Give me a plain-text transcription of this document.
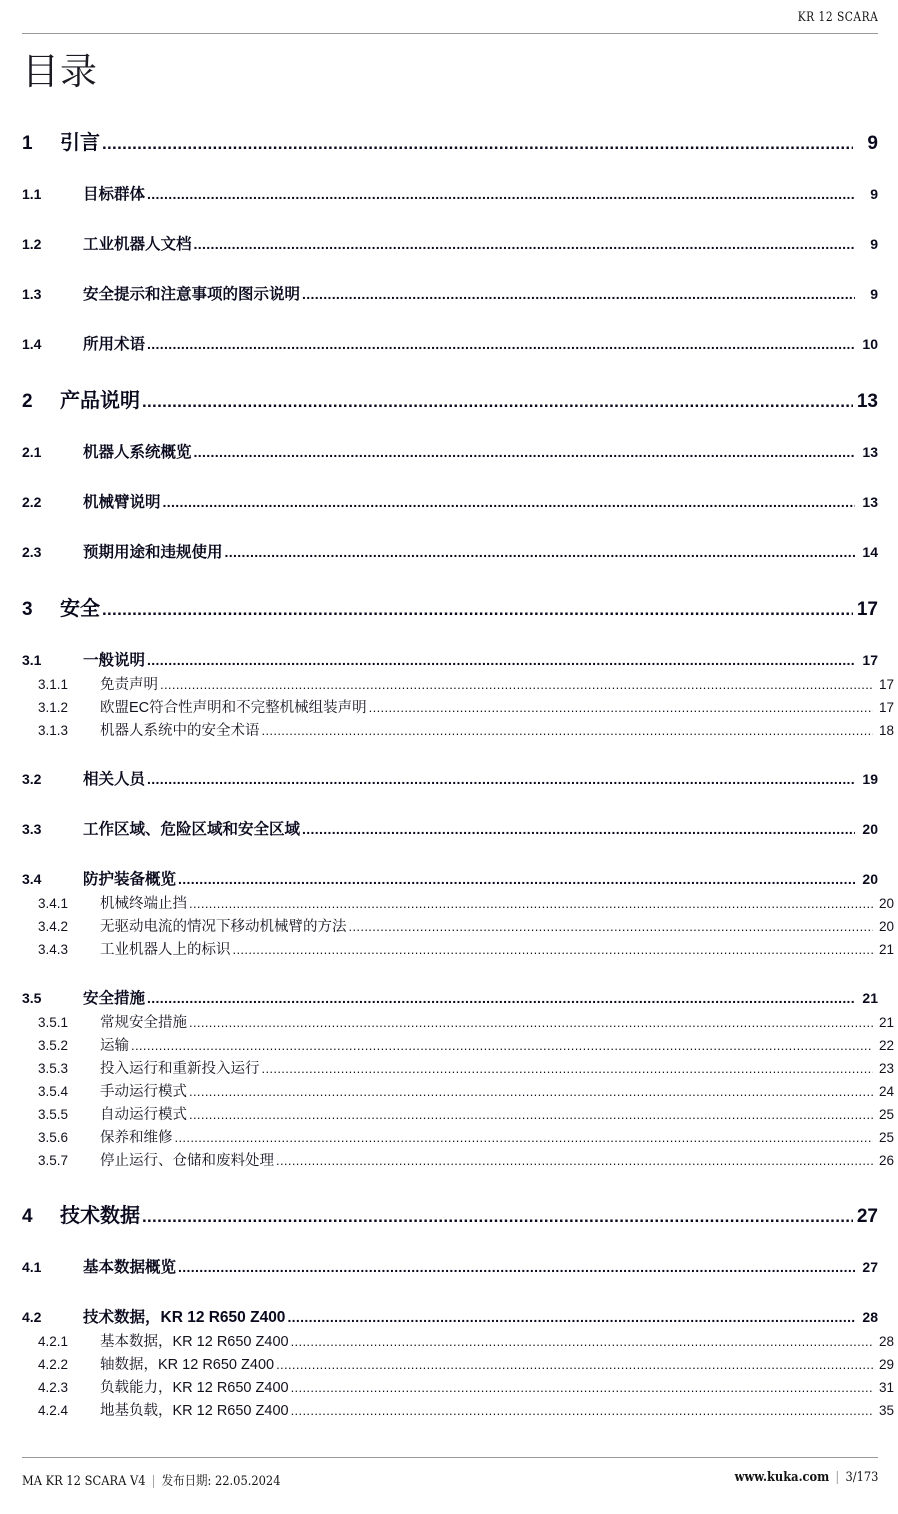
KR 12 SCARA
目录
1	引言 .....	9
1.1	目标群体 .....	9
1.2	工业机器人文档 .....	9
1.3	安全提示和注意事项的图示说明 .....	9
1.4	所用术语 .....	10
2	产品说明 .....	13
2.1	机器人系统概览 .....	13
2.2	机械臂说明 .....	13
2.3	预期用途和违规使用 .....	14
3	安全 .....	17
3.1	一般说明 .....	17
3.1.1	免责声明 .....	17
3.1.2	欧盟EC符合性声明和不完整机械组装声明 .....	17
3.1.3	机器人系统中的安全术语 .....	18
3.2	相关人员 .....	19
3.3	工作区域、危险区域和安全区域 .....	20
3.4	防护装备概览 .....	20
3.4.1	机械终端止挡 .....	20
3.4.2	无驱动电流的情况下移动机械臂的方法 .....	20
3.4.3	工业机器人上的标识 .....	21
3.5	安全措施 .....	21
3.5.1	常规安全措施 .....	21
3.5.2	运输 .....	22
3.5.3	投入运行和重新投入运行 .....	23
3.5.4	手动运行模式 .....	24
3.5.5	自动运行模式 .....	25
3.5.6	保养和维修 .....	25
3.5.7	停止运行、仓储和废料处理 .....	26
4	技术数据 .....	27
4.1	基本数据概览 .....	27
4.2	技术数据，KR 12 R650 Z400 .....	28
4.2.1	基本数据，KR 12 R650 Z400 .....	28
4.2.2	轴数据，KR 12 R650 Z400 .....	29
4.2.3	负载能力，KR 12 R650 Z400 .....	31
4.2.4	地基负载，KR 12 R650 Z400 .....	35
MA KR 12 SCARA V4 | 发布日期: 22.05.2024	www.kuka.com | 3/173
